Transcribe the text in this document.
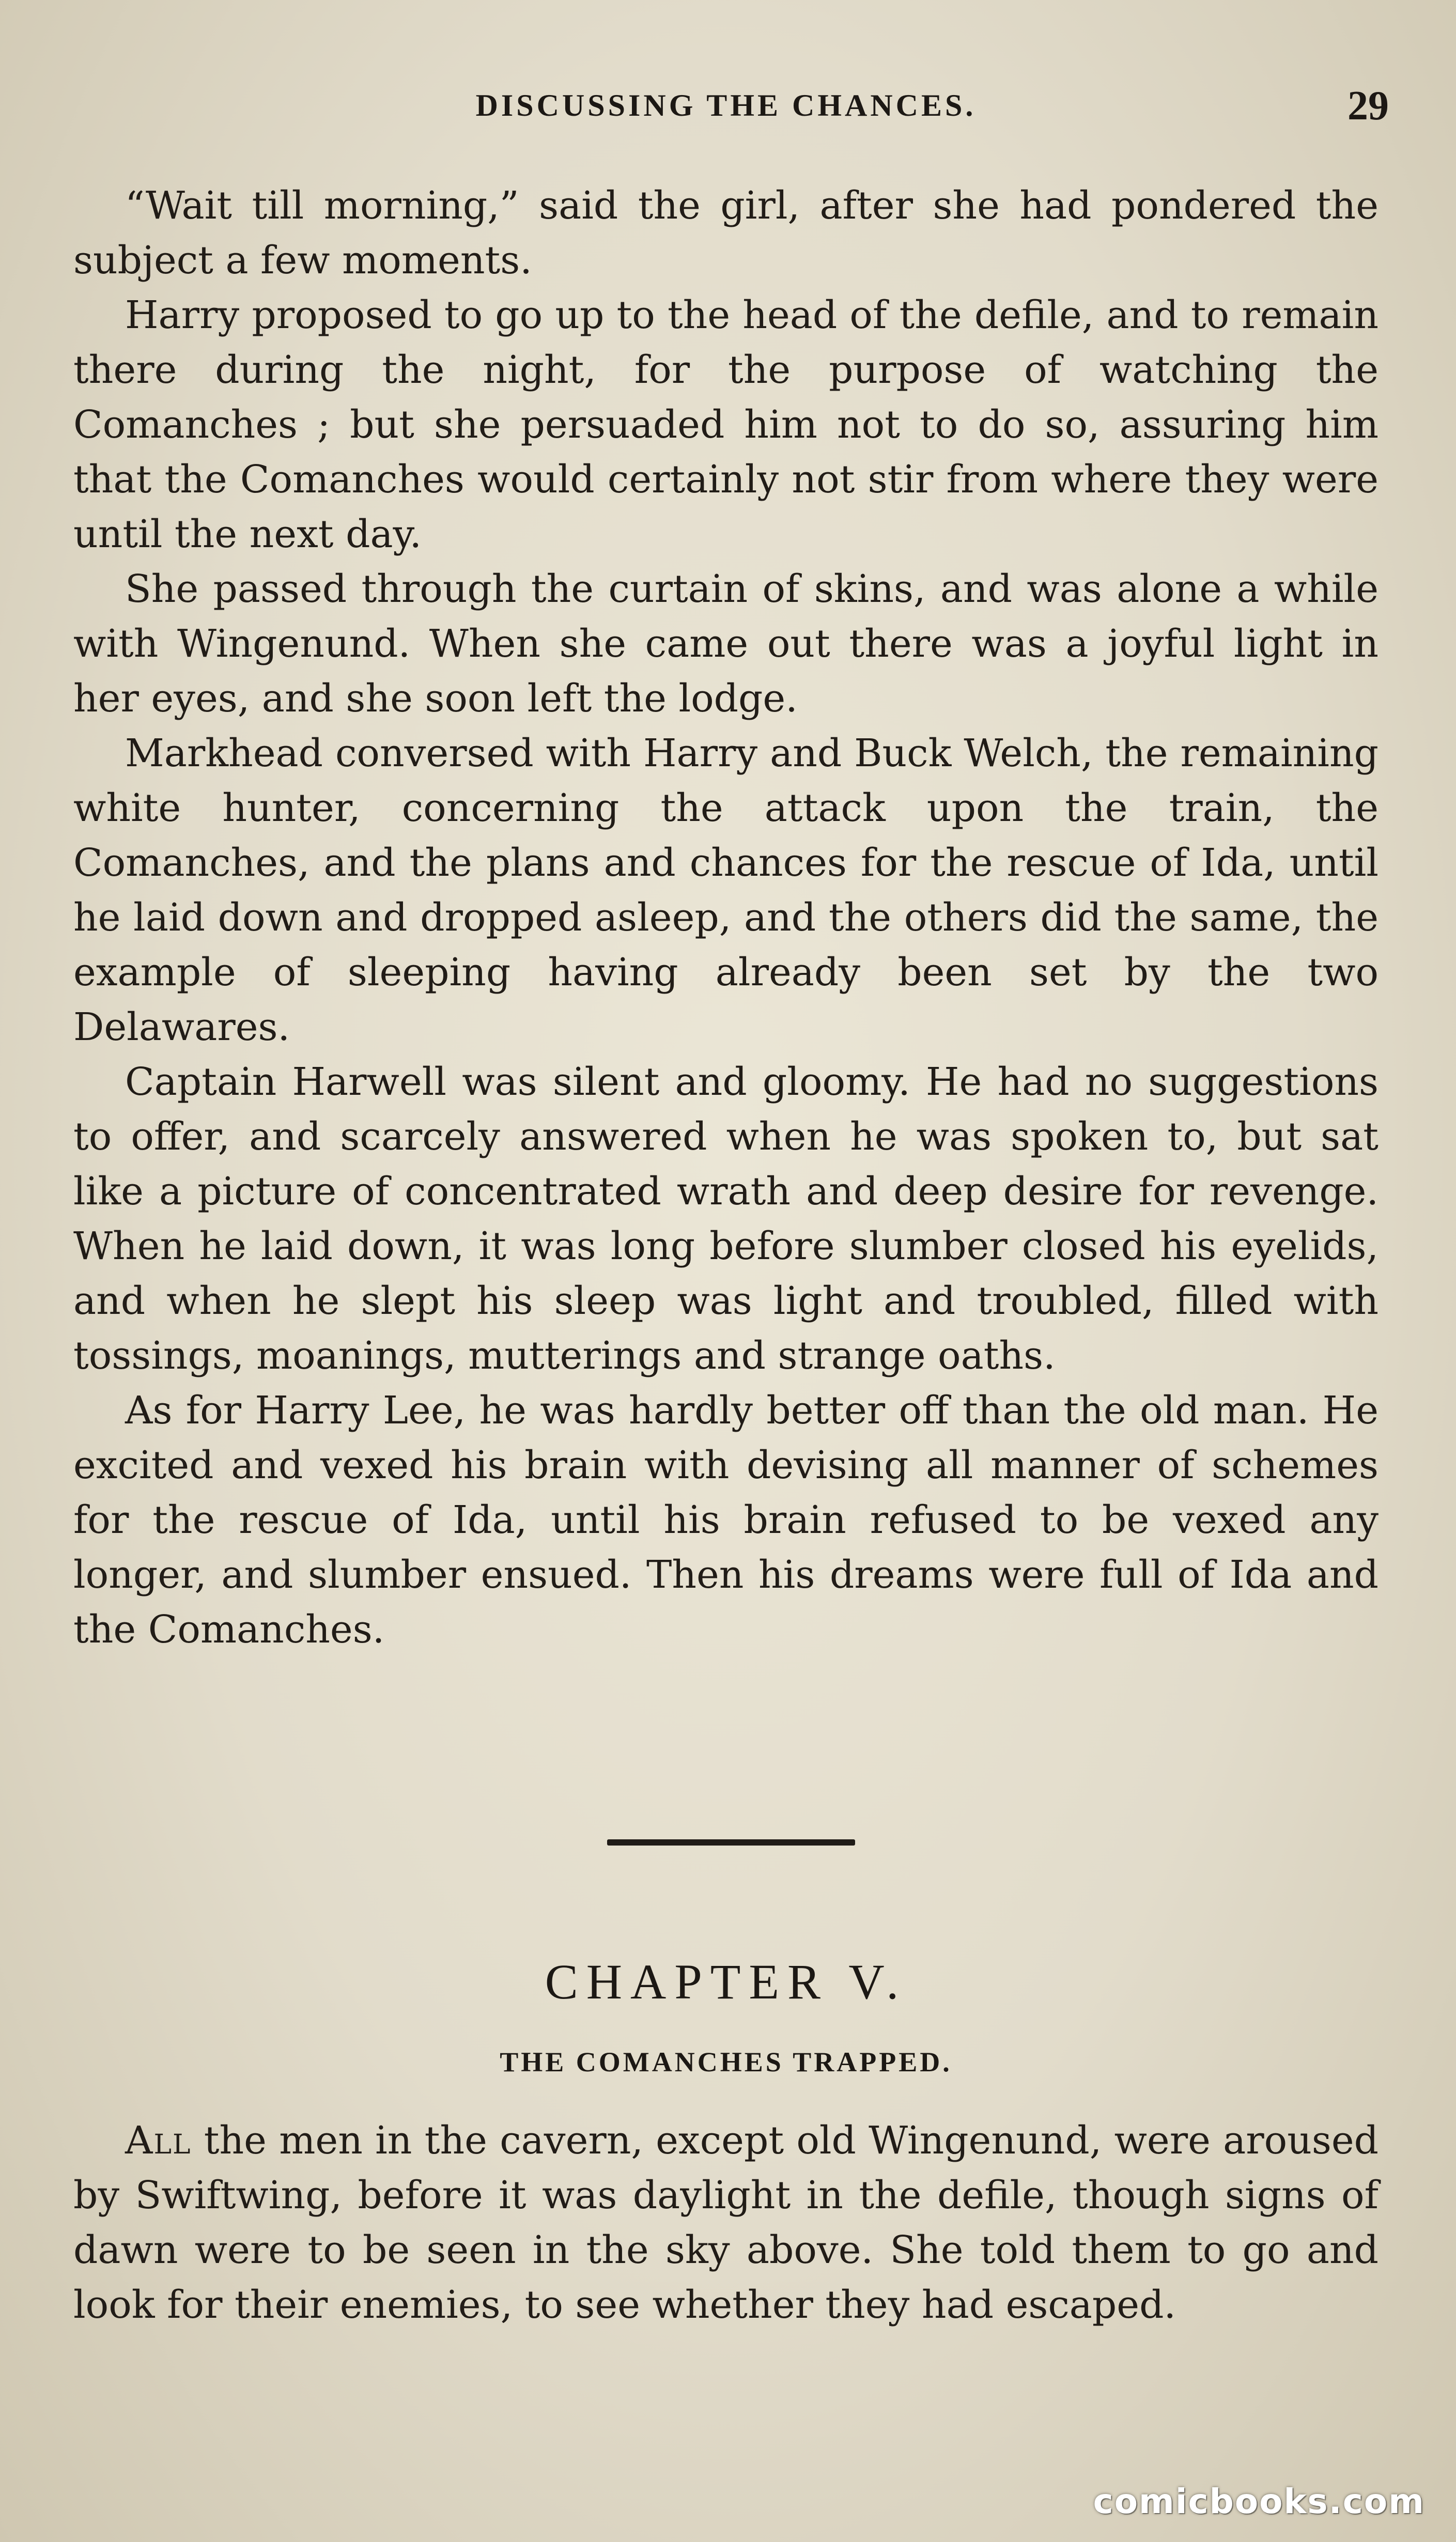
DISCUSSING THE CHANCES.	29

“Wait till morning,” said the girl, after she had pondered the subject a few moments.

Harry proposed to go up to the head of the defile, and to remain there during the night, for the purpose of watching the Comanches ; but she persuaded him not to do so, assuring him that the Comanches would certainly not stir from where they were until the next day.

She passed through the curtain of skins, and was alone a while with Wingenund. When she came out there was a joyful light in her eyes, and she soon left the lodge.

Markhead conversed with Harry and Buck Welch, the remaining white hunter, concerning the attack upon the train, the Comanches, and the plans and chances for the rescue of Ida, until he laid down and dropped asleep, and the others did the same, the example of sleeping having already been set by the two Delawares.

Captain Harwell was silent and gloomy. He had no suggestions to offer, and scarcely answered when he was spoken to, but sat like a picture of concentrated wrath and deep desire for revenge. When he laid down, it was long before slumber closed his eyelids, and when he slept his sleep was light and troubled, filled with tossings, moanings, mutterings and strange oaths.

As for Harry Lee, he was hardly better off than the old man. He excited and vexed his brain with devising all manner of schemes for the rescue of Ida, until his brain refused to be vexed any longer, and slumber ensued. Then his dreams were full of Ida and the Comanches.

CHAPTER V.
THE COMANCHES TRAPPED.

All the men in the cavern, except old Wingenund, were aroused by Swiftwing, before it was daylight in the defile, though signs of dawn were to be seen in the sky above. She told them to go and look for their enemies, to see whether they had escaped.

comicbooks.com
